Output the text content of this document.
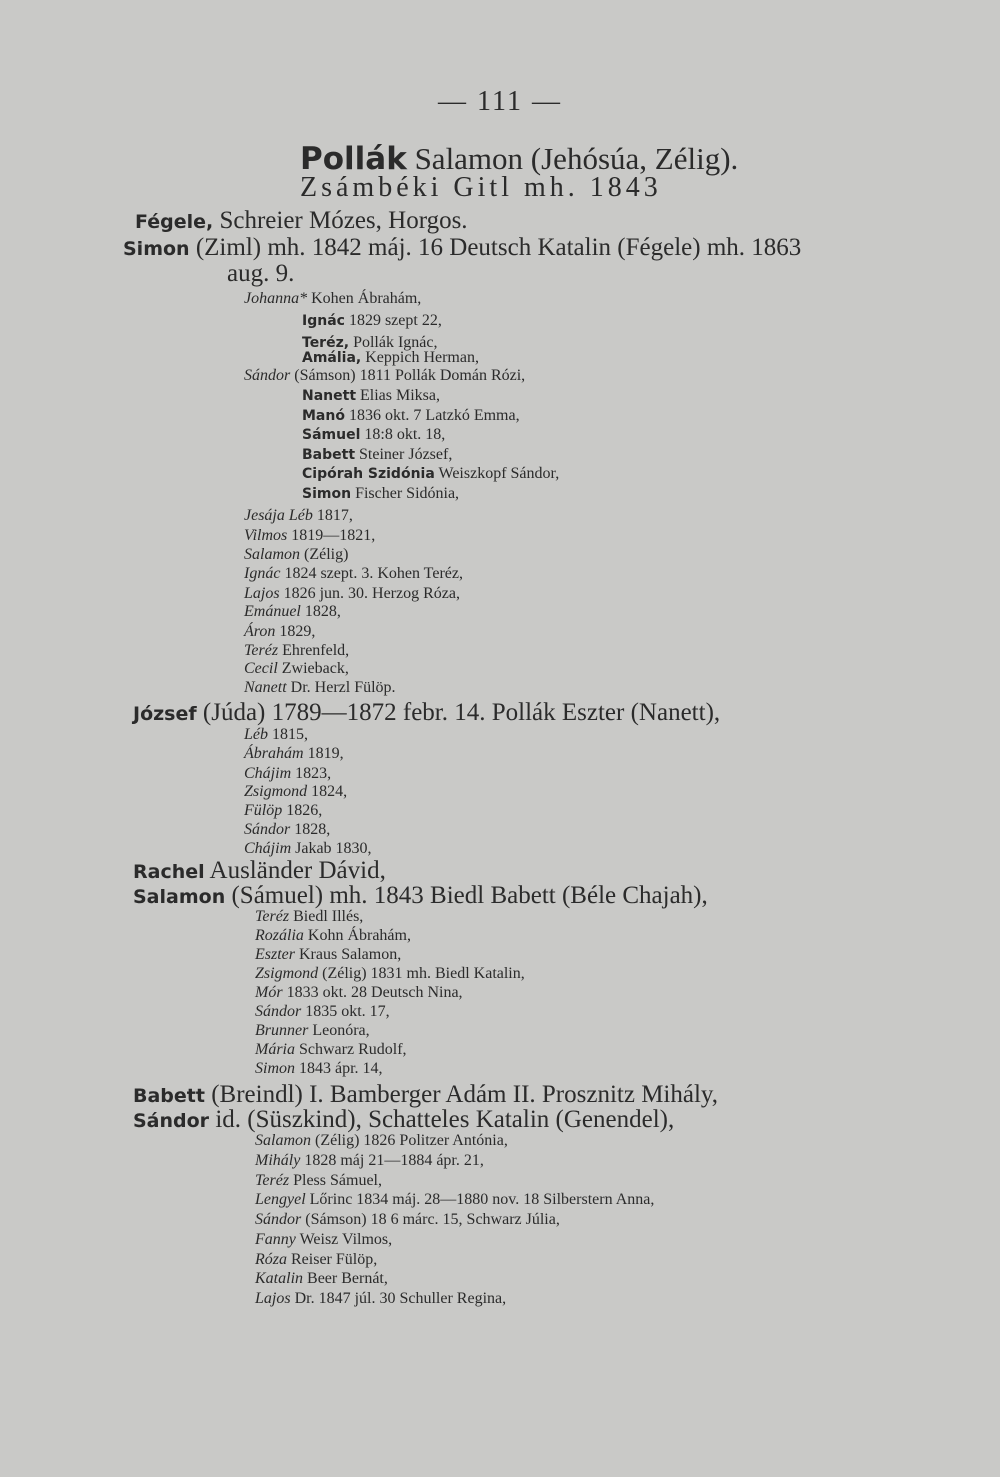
— 111 —
Pollák Salamon (Jehósúa, Zélig).
Zsámbéki Gitl mh. 1843
Fégele, Schreier Mózes, Horgos.
Simon (Ziml) mh. 1842 máj. 16 Deutsch Katalin (Fégele) mh. 1863
aug. 9.
Johanna* Kohen Ábrahám,
Ignác 1829 szept 22,
Teréz, Pollák Ignác,
Amália, Keppich Herman,
Sándor (Sámson) 1811 Pollák Domán Rózi,
Nanett Elias Miksa,
Manó 1836 okt. 7 Latzkó Emma,
Sámuel 18:8 okt. 18,
Babett Steiner József,
Cipórah Szidónia Weiszkopf Sándor,
Simon Fischer Sidónia,
Jesája Léb 1817,
Vilmos 1819—1821,
Salamon (Zélig)
Ignác 1824 szept. 3. Kohen Teréz,
Lajos 1826 jun. 30. Herzog Róza,
Emánuel 1828,
Áron 1829,
Teréz Ehrenfeld,
Cecil Zwieback,
Nanett Dr. Herzl Fülöp.
József (Júda) 1789—1872 febr. 14. Pollák Eszter (Nanett),
Léb 1815,
Ábrahám 1819,
Chájim 1823,
Zsigmond 1824,
Fülöp 1826,
Sándor 1828,
Chájim Jakab 1830,
Rachel Ausländer Dávid,
Salamon (Sámuel) mh. 1843 Biedl Babett (Béle Chajah),
Teréz Biedl Illés,
Rozália Kohn Ábrahám,
Eszter Kraus Salamon,
Zsigmond (Zélig) 1831 mh. Biedl Katalin,
Mór 1833 okt. 28 Deutsch Nina,
Sándor 1835 okt. 17,
Brunner Leonóra,
Mária Schwarz Rudolf,
Simon 1843 ápr. 14,
Babett (Breindl) I. Bamberger Adám II. Prosznitz Mihály,
Sándor id. (Süszkind), Schatteles Katalin (Genendel),
Salamon (Zélig) 1826 Politzer Antónia,
Mihály 1828 máj 21—1884 ápr. 21,
Teréz Pless Sámuel,
Lengyel Lőrinc 1834 máj. 28—1880 nov. 18 Silberstern Anna,
Sándor (Sámson) 18 6 márc. 15, Schwarz Júlia,
Fanny Weisz Vilmos,
Róza Reiser Fülöp,
Katalin Beer Bernát,
Lajos Dr. 1847 júl. 30 Schuller Regina,
